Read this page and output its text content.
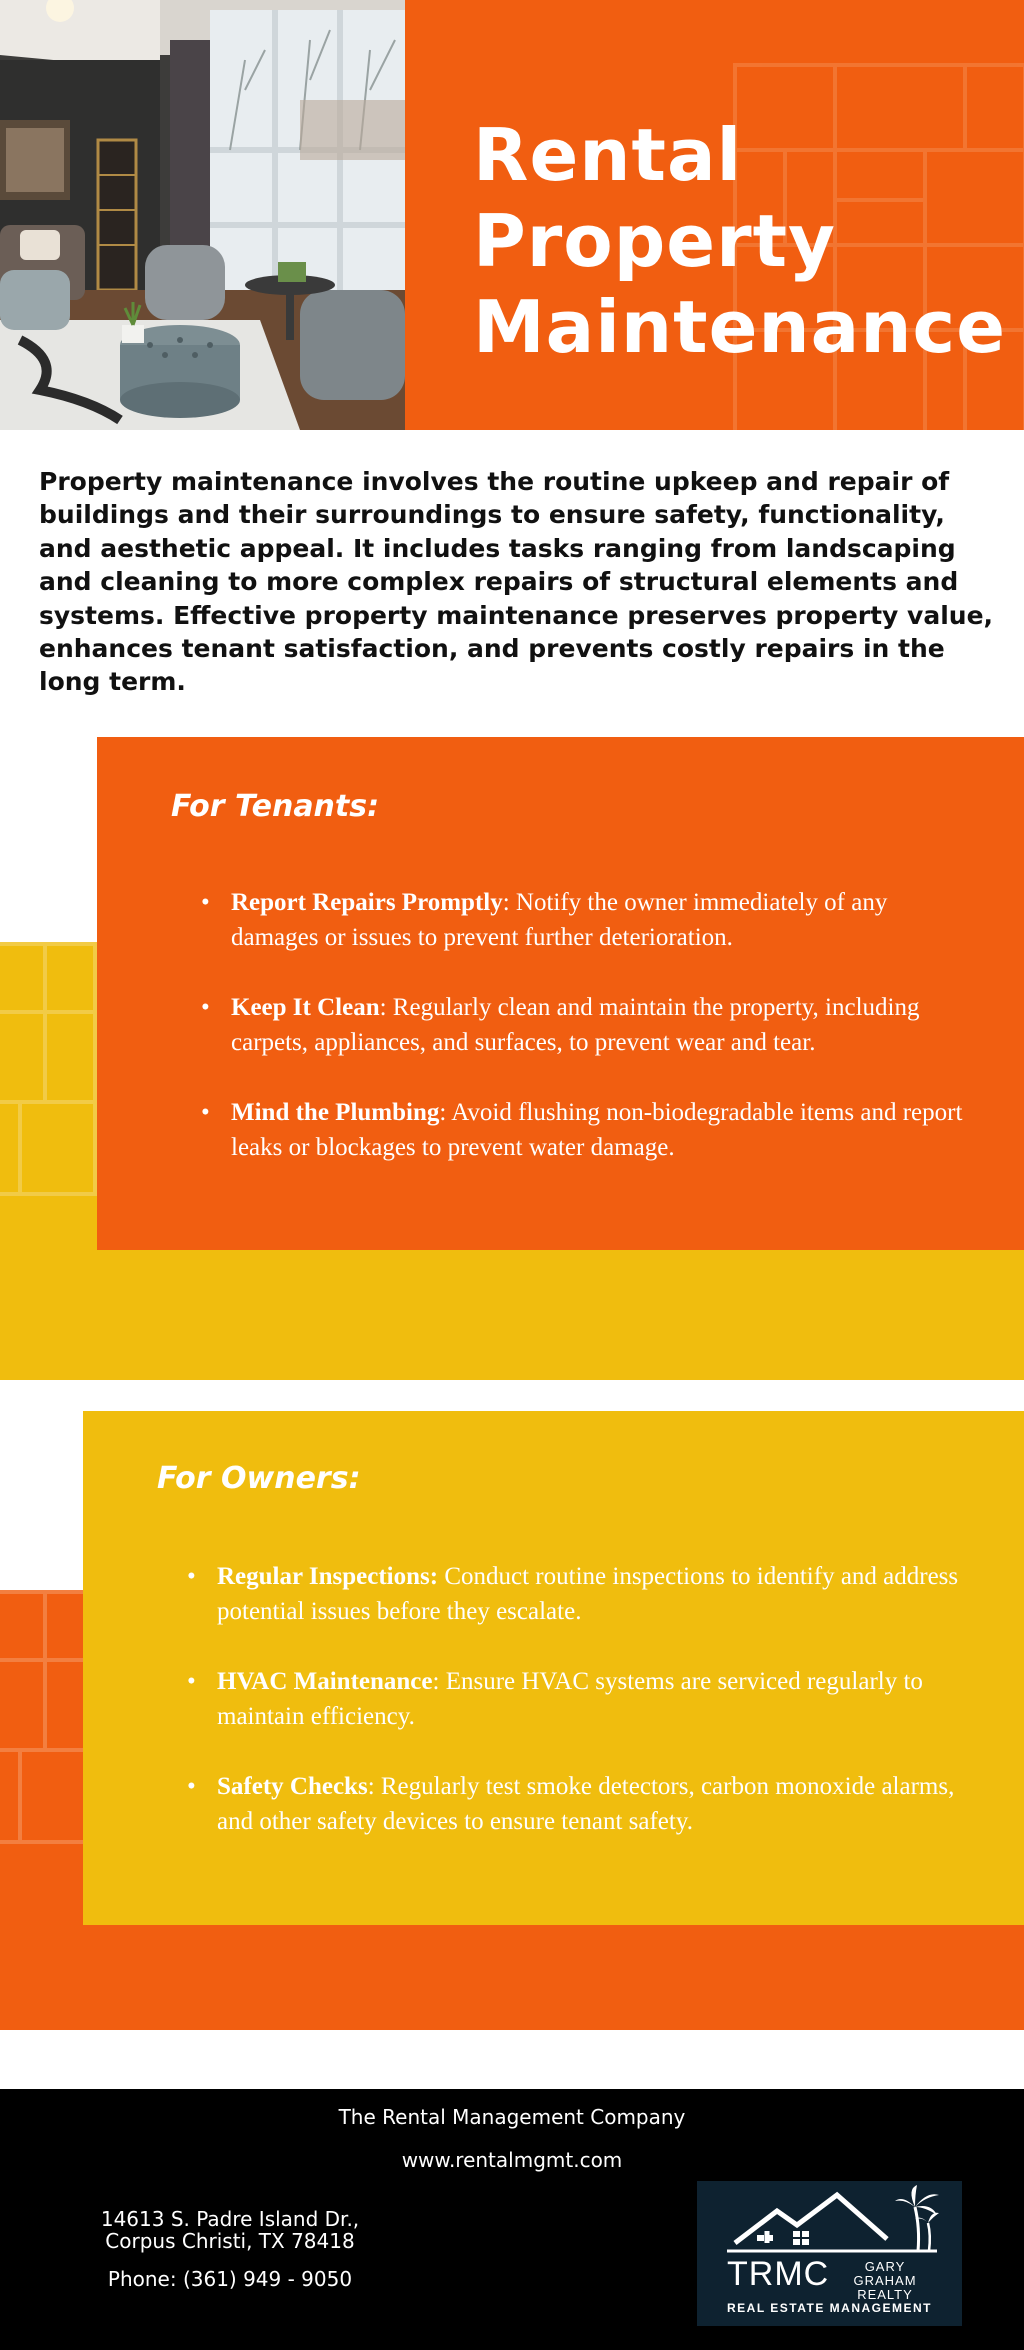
Rental
Property
Maintenance

Property maintenance involves the routine upkeep and repair of buildings and their surroundings to ensure safety, functionality, and aesthetic appeal. It includes tasks ranging from landscaping and cleaning to more complex repairs of structural elements and systems. Effective property maintenance preserves property value, enhances tenant satisfaction, and prevents costly repairs in the long term.

For Tenants:
• Report Repairs Promptly: Notify the owner immediately of any damages or issues to prevent further deterioration.
• Keep It Clean: Regularly clean and maintain the property, including carpets, appliances, and surfaces, to prevent wear and tear.
• Mind the Plumbing: Avoid flushing non-biodegradable items and report leaks or blockages to prevent water damage.
For Owners:
• Regular Inspections: Conduct routine inspections to identify and address potential issues before they escalate.
• HVAC Maintenance: Ensure HVAC systems are serviced regularly to maintain efficiency.
• Safety Checks: Regularly test smoke detectors, carbon monoxide alarms, and other safety devices to ensure tenant safety.
The Rental Management Company
www.rentalmgmt.com
14613 S. Padre Island Dr.,
Corpus Christi, TX 78418
Phone: (361) 949 - 9050	TRMC	GARY GRAHAM
REALTY
REAL ESTATE MANAGEMENT
